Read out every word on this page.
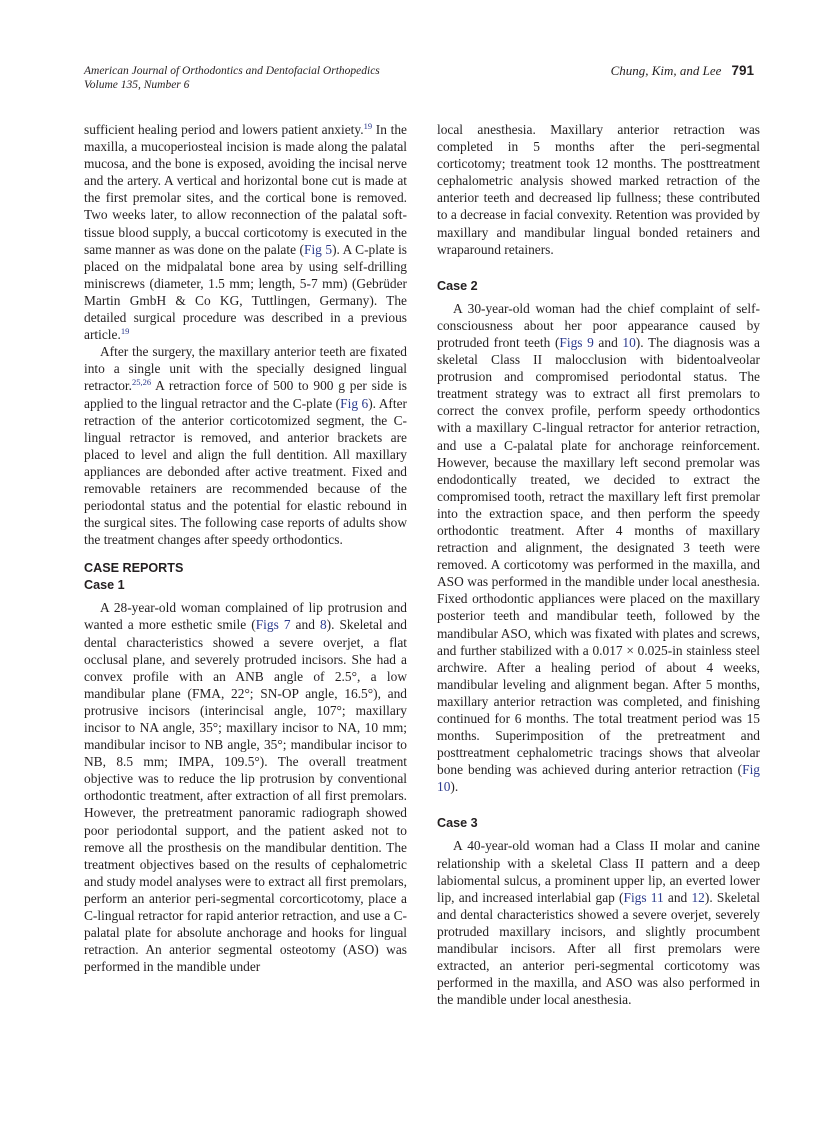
American Journal of Orthodontics and Dentofacial Orthopedics
Volume 135, Number 6
Chung, Kim, and Lee 791

sufficient healing period and lowers patient anxiety.$^{19}$ In the maxilla, a mucoperiosteal incision is made along the palatal mucosa, and the bone is exposed, avoiding the incisal nerve and the artery. A vertical and horizontal bone cut is made at the first premolar sites, and the cortical bone is removed. Two weeks later, to allow reconnection of the palatal soft-tissue blood supply, a buccal corticotomy is executed in the same manner as was done on the palate (Fig 5). A C-plate is placed on the midpalatal bone area by using self-drilling miniscrews (diameter, 1.5 mm; length, 5-7 mm) (Gebrüder Martin GmbH & Co KG, Tuttlingen, Germany). The detailed surgical procedure was described in a previous article.$^{19}$

After the surgery, the maxillary anterior teeth are fixated into a single unit with the specially designed lingual retractor.$^{25,26}$ A retraction force of 500 to 900 g per side is applied to the lingual retractor and the C-plate (Fig 6). After retraction of the anterior corticotomized segment, the C-lingual retractor is removed, and anterior brackets are placed to level and align the full dentition. All maxillary appliances are debonded after active treatment. Fixed and removable retainers are recommended because of the periodontal status and the potential for elastic rebound in the surgical sites. The following case reports of adults show the treatment changes after speedy orthodontics.

CASE REPORTS
Case 1

A 28-year-old woman complained of lip protrusion and wanted a more esthetic smile (Figs 7 and 8). Skeletal and dental characteristics showed a severe overjet, a flat occlusal plane, and severely protruded incisors. She had a convex profile with an ANB angle of 2.5°, a low mandibular plane (FMA, 22°; SN-OP angle, 16.5°), and protrusive incisors (interincisal angle, 107°; maxillary incisor to NA angle, 35°; maxillary incisor to NA, 10 mm; mandibular incisor to NB angle, 35°; mandibular incisor to NB, 8.5 mm; IMPA, 109.5°). The overall treatment objective was to reduce the lip protrusion by conventional orthodontic treatment, after extraction of all first premolars. However, the pretreatment panoramic radiograph showed poor periodontal support, and the patient asked not to remove all the prosthesis on the mandibular dentition. The treatment objectives based on the results of cephalometric and study model analyses were to extract all first premolars, perform an anterior peri-segmental corcorticotomy, place a C-lingual retractor for rapid anterior retraction, and use a C-palatal plate for absolute anchorage and hooks for lingual retraction. An anterior segmental osteotomy (ASO) was performed in the mandible under

local anesthesia. Maxillary anterior retraction was completed in 5 months after the peri-segmental corticotomy; treatment took 12 months. The posttreatment cephalometric analysis showed marked retraction of the anterior teeth and decreased lip fullness; these contributed to a decrease in facial convexity. Retention was provided by maxillary and mandibular lingual bonded retainers and wraparound retainers.

Case 2

A 30-year-old woman had the chief complaint of self-consciousness about her poor appearance caused by protruded front teeth (Figs 9 and 10). The diagnosis was a skeletal Class II malocclusion with bidentoalveolar protrusion and compromised periodontal status. The treatment strategy was to extract all first premolars to correct the convex profile, perform speedy orthodontics with a maxillary C-lingual retractor for anterior retraction, and use a C-palatal plate for anchorage reinforcement. However, because the maxillary left second premolar was endodontically treated, we decided to extract the compromised tooth, retract the maxillary left first premolar into the extraction space, and then perform the speedy orthodontic treatment. After 4 months of maxillary retraction and alignment, the designated 3 teeth were removed. A corticotomy was performed in the maxilla, and ASO was performed in the mandible under local anesthesia. Fixed orthodontic appliances were placed on the maxillary posterior teeth and mandibular teeth, followed by the mandibular ASO, which was fixated with plates and screws, and further stabilized with a 0.017 × 0.025-in stainless steel archwire. After a healing period of about 4 weeks, mandibular leveling and alignment began. After 5 months, maxillary anterior retraction was completed, and finishing continued for 6 months. The total treatment period was 15 months. Superimposition of the pretreatment and posttreatment cephalometric tracings shows that alveolar bone bending was achieved during anterior retraction (Fig 10).

Case 3

A 40-year-old woman had a Class II molar and canine relationship with a skeletal Class II pattern and a deep labiomental sulcus, a prominent upper lip, an everted lower lip, and increased interlabial gap (Figs 11 and 12). Skeletal and dental characteristics showed a severe overjet, severely protruded maxillary incisors, and slightly procumbent mandibular incisors. After all first premolars were extracted, an anterior peri-segmental corticotomy was performed in the maxilla, and ASO was also performed in the mandible under local anesthesia.
